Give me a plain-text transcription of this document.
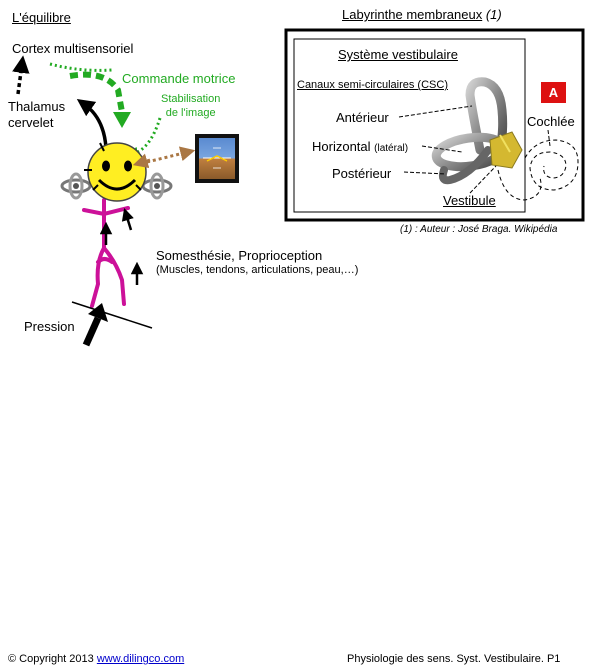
L'équilibre
Cortex multisensoriel
Thalamus
cervelet
Commande motrice
Stabilisation
de l'image
Somesthésie, Proprioception
(Muscles, tendons, articulations, peau,…)
Pression
Labyrinthe membraneux (1)
Système vestibulaire
Canaux semi-circulaires (CSC)
Antérieur
Horizontal (latéral)
Postérieur
Vestibule
Cochlée
A
(1) : Auteur : José Braga. Wikipédia
© Copyright 2013 www.dilingco.com	Physiologie des sens. Syst. Vestibulaire. P1
